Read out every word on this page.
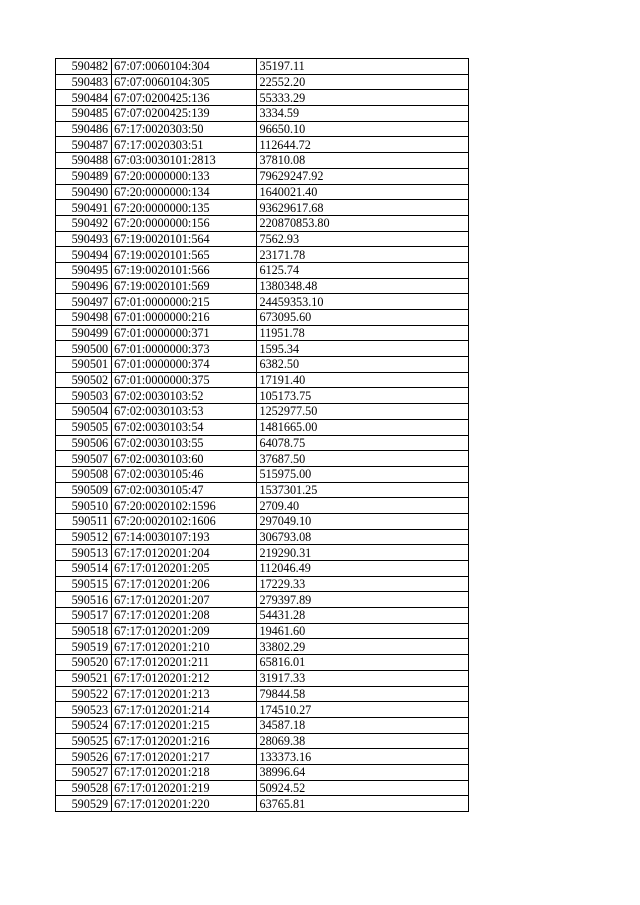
590482	67:07:0060104:304	35197.11
590483	67:07:0060104:305	22552.20
590484	67:07:0200425:136	55333.29
590485	67:07:0200425:139	3334.59
590486	67:17:0020303:50	96650.10
590487	67:17:0020303:51	112644.72
590488	67:03:0030101:2813	37810.08
590489	67:20:0000000:133	79629247.92
590490	67:20:0000000:134	1640021.40
590491	67:20:0000000:135	93629617.68
590492	67:20:0000000:156	220870853.80
590493	67:19:0020101:564	7562.93
590494	67:19:0020101:565	23171.78
590495	67:19:0020101:566	6125.74
590496	67:19:0020101:569	1380348.48
590497	67:01:0000000:215	24459353.10
590498	67:01:0000000:216	673095.60
590499	67:01:0000000:371	11951.78
590500	67:01:0000000:373	1595.34
590501	67:01:0000000:374	6382.50
590502	67:01:0000000:375	17191.40
590503	67:02:0030103:52	105173.75
590504	67:02:0030103:53	1252977.50
590505	67:02:0030103:54	1481665.00
590506	67:02:0030103:55	64078.75
590507	67:02:0030103:60	37687.50
590508	67:02:0030105:46	515975.00
590509	67:02:0030105:47	1537301.25
590510	67:20:0020102:1596	2709.40
590511	67:20:0020102:1606	297049.10
590512	67:14:0030107:193	306793.08
590513	67:17:0120201:204	219290.31
590514	67:17:0120201:205	112046.49
590515	67:17:0120201:206	17229.33
590516	67:17:0120201:207	279397.89
590517	67:17:0120201:208	54431.28
590518	67:17:0120201:209	19461.60
590519	67:17:0120201:210	33802.29
590520	67:17:0120201:211	65816.01
590521	67:17:0120201:212	31917.33
590522	67:17:0120201:213	79844.58
590523	67:17:0120201:214	174510.27
590524	67:17:0120201:215	34587.18
590525	67:17:0120201:216	28069.38
590526	67:17:0120201:217	133373.16
590527	67:17:0120201:218	38996.64
590528	67:17:0120201:219	50924.52
590529	67:17:0120201:220	63765.81
